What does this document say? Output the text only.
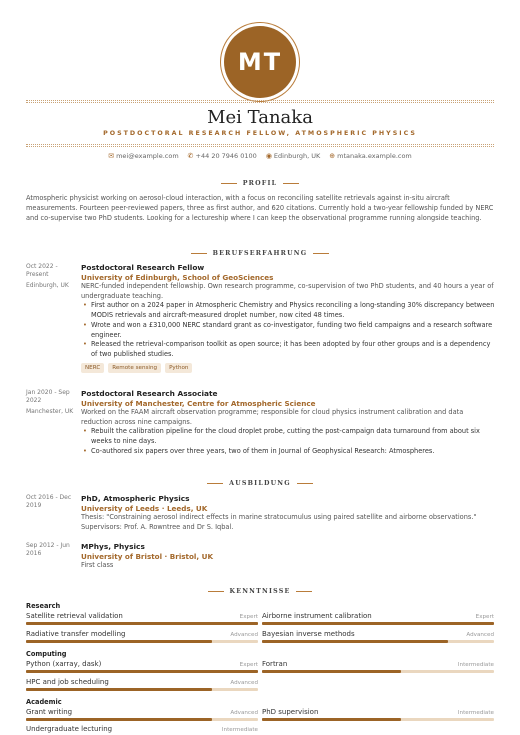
MT
Mei Tanaka
POSTDOCTORAL RESEARCH FELLOW, ATMOSPHERIC PHYSICS
✉ mei@example.com ✆ +44 20 7946 0100 ◉ Edinburgh, UK ⊕ mtanaka.example.com
PROFIL
Atmospheric physicist working on aerosol-cloud interaction, with a focus on reconciling satellite retrievals against in-situ aircraft measurements. Fourteen peer-reviewed papers, three as first author, and 620 citations. Currently hold a two-year fellowship funded by NERC and co-supervise two PhD students. Looking for a lectureship where I can keep the observational programme running alongside teaching.
BERUFSERFAHRUNG
Oct 2022 - Present
Edinburgh, UK
Postdoctoral Research Fellow
University of Edinburgh, School of GeoSciences
NERC-funded independent fellowship. Own research programme, co-supervision of two PhD students, and 40 hours a year of undergraduate teaching.
• First author on a 2024 paper in Atmospheric Chemistry and Physics reconciling a long-standing 30% discrepancy between MODIS retrievals and aircraft-measured droplet number, now cited 48 times.
• Wrote and won a £310,000 NERC standard grant as co-investigator, funding two field campaigns and a research software engineer.
• Released the retrieval-comparison toolkit as open source; it has been adopted by four other groups and is a dependency of two published studies.
NERC	Remote sensing	Python
Jan 2020 - Sep 2022
Manchester, UK
Postdoctoral Research Associate
University of Manchester, Centre for Atmospheric Science
Worked on the FAAM aircraft observation programme; responsible for cloud physics instrument calibration and data reduction across nine campaigns.
• Rebuilt the calibration pipeline for the cloud droplet probe, cutting the post-campaign data turnaround from about six weeks to nine days.
• Co-authored six papers over three years, two of them in Journal of Geophysical Research: Atmospheres.
AUSBILDUNG
Oct 2016 - Dec 2019
PhD, Atmospheric Physics
University of Leeds · Leeds, UK
Thesis: "Constraining aerosol indirect effects in marine stratocumulus using paired satellite and airborne observations." Supervisors: Prof. A. Rowntree and Dr S. Iqbal.
Sep 2012 - Jun 2016
MPhys, Physics
University of Bristol · Bristol, UK
First class
KENNTNISSE
Research
Satellite retrieval validation	Expert Airborne instrument calibration	Expert
Radiative transfer modelling	Advanced Bayesian inverse methods	Advanced
Computing
Python (xarray, dask)	Expert Fortran	Intermediate
HPC and job scheduling	Advanced
Academic
Grant writing	Advanced PhD supervision	Intermediate
Undergraduate lecturing	Intermediate
